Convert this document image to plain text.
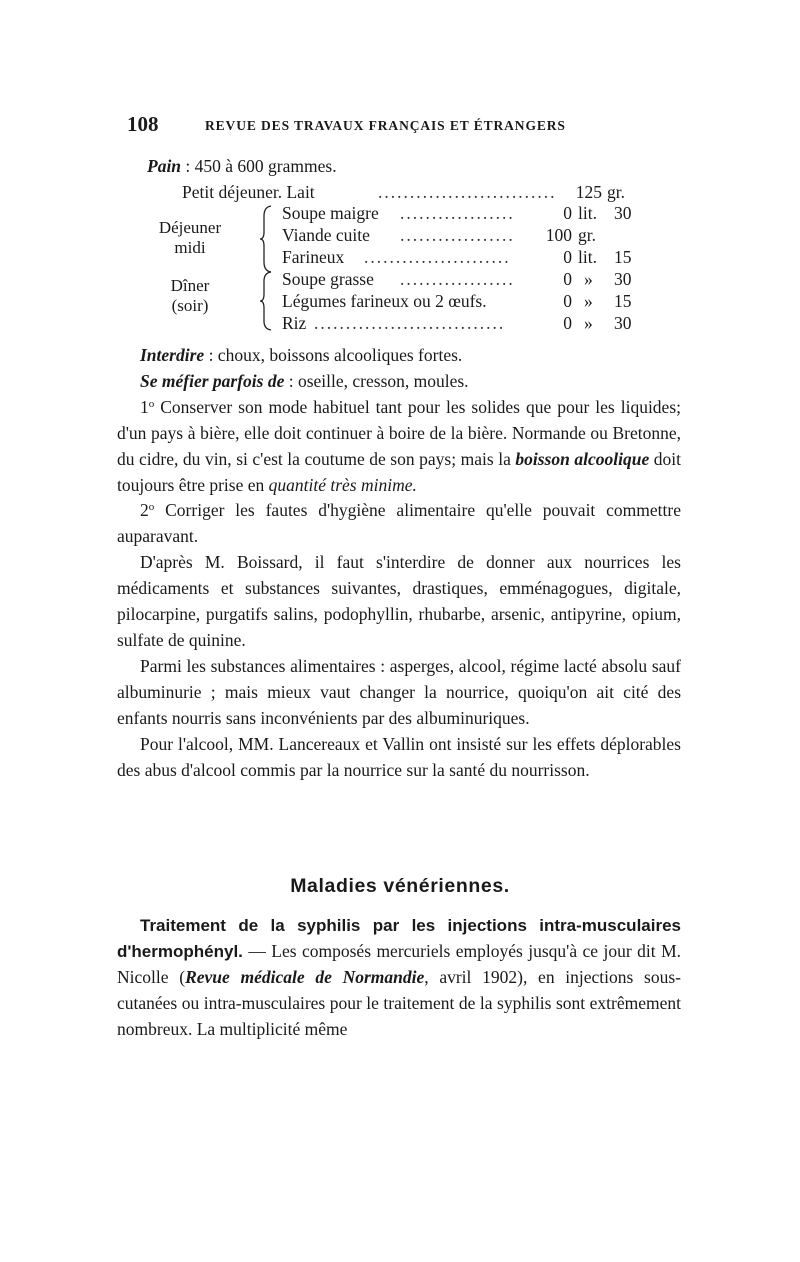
108	REVUE DES TRAVAUX FRANÇAIS ET ÉTRANGERS
Pain : 450 à 600 grammes.
Petit déjeuner. Lait	............................	125 gr.
Déjeuner
midi
Soupe maigre ..................	0 lit. 30
Viande cuite ..................	100 gr.
Farineux .......................	0 lit. 15
Dîner
(soir)
Soupe grasse ..................	0 » 30
Légumes farineux ou 2 œufs.	0 » 15
Riz ..............................	0 » 30

Interdire : choux, boissons alcooliques fortes.

Se méfier parfois de : oseille, cresson, moules.

1$^o$ Conserver son mode habituel tant pour les solides que pour les liquides; d'un pays à bière, elle doit continuer à boire de la bière. Normande ou Bretonne, du cidre, du vin, si c'est la coutume de son pays; mais la boisson alcoolique doit toujours être prise en quantité très minime.

2$^o$ Corriger les fautes d'hygiène alimentaire qu'elle pouvait commettre auparavant.

D'après M. Boissard, il faut s'interdire de donner aux nourrices les médicaments et substances suivantes, drastiques, emménagogues, digitale, pilocarpine, purgatifs salins, podophyllin, rhubarbe, arsenic, antipyrine, opium, sulfate de quinine.

Parmi les substances alimentaires : asperges, alcool, régime lacté absolu sauf albuminurie ; mais mieux vaut changer la nourrice, quoiqu'on ait cité des enfants nourris sans inconvénients par des albuminuriques.

Pour l'alcool, MM. Lancereaux et Vallin ont insisté sur les effets déplorables des abus d'alcool commis par la nourrice sur la santé du nourrisson.

Maladies vénériennes.

Traitement de la syphilis par les injections intra-musculaires d'hermophényl. — Les composés mercuriels employés jusqu'à ce jour dit M. Nicolle (Revue médicale de Normandie, avril 1902), en injections sous-cutanées ou intra-musculaires pour le traitement de la syphilis sont extrêmement nombreux. La multiplicité même
